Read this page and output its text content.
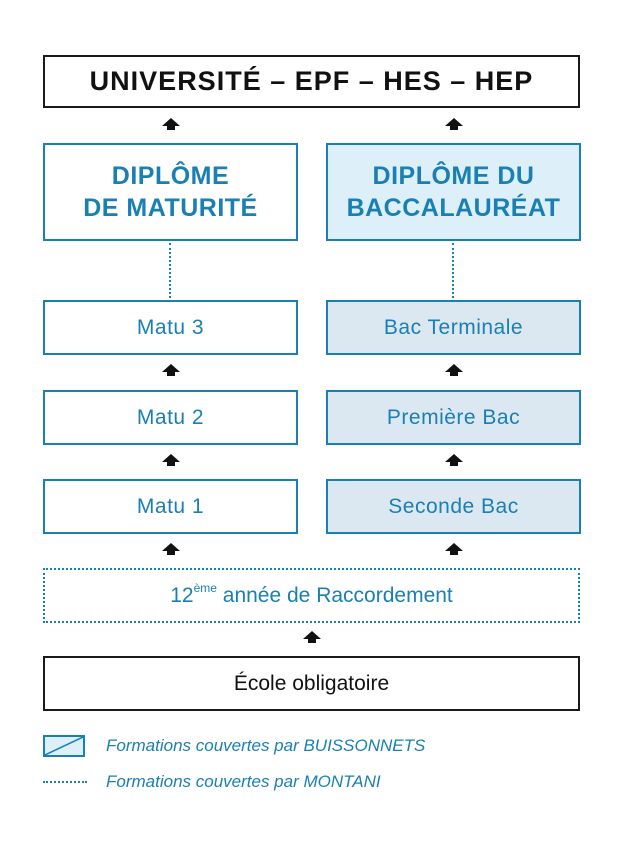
UNIVERSITÉ – EPF – HES – HEP
DIPLÔME
DE MATURITÉ
DIPLÔME DU
BACCALAURÉAT
Matu 3	Bac Terminale
Matu 2	Première Bac
Matu 1	Seconde Bac
12ème année de Raccordement
École obligatoire
Formations couvertes par BUISSONNETS
Formations couvertes par MONTANI
